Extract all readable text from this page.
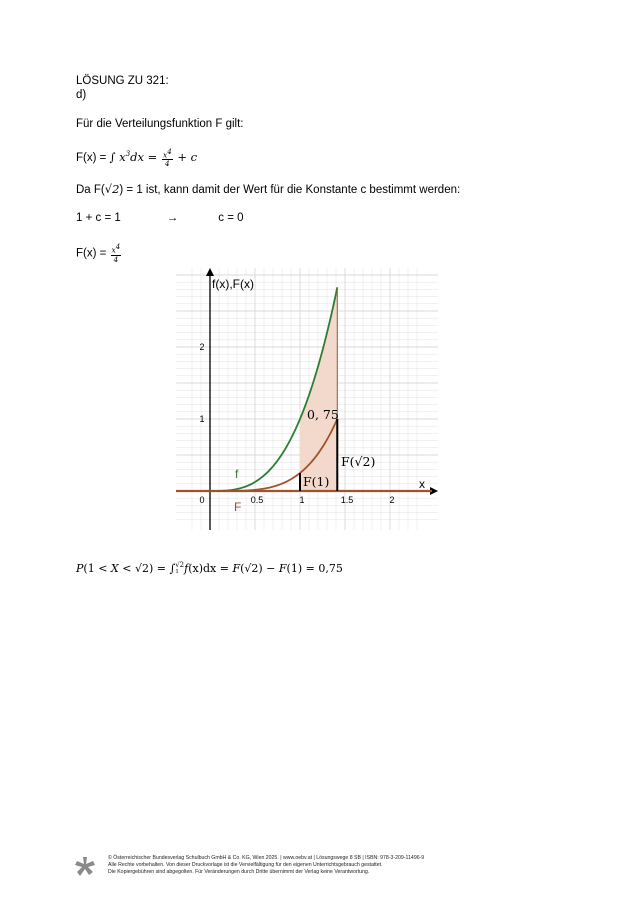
LÖSUNG ZU 321:
d)
Für die Verteilungsfunktion F gilt:
F(x) = ∫ $x^3dx = \frac{x^4}{4} + c$
Da F(√2) = 1 ist, kann damit der Wert für die Konstante c bestimmt werden:
1 + c = 1	→	c = 0
$F(x) = \frac{x^4}{4}$
0	0.5	1	1.5	2
1
2
f(x),F(x)
x
f
F
F(1)
F(√2)
0, 75
P(1 < X < √2) = ∫ √2
1 f(x)dx = F(√2) − F(1) = 0,75
© Österreichischer Bundesverlag Schulbuch GmbH & Co. KG, Wien 2025. | www.oebv.at | Lösungswege 8 SB | ISBN: 978-3-209-11496-9
Alle Rechte vorbehalten. Von dieser Druckvorlage ist die Vervielfältigung für den eigenen Unterrichtsgebrauch gestattet.
Die Kopiergebühren sind abgegolten. Für Veränderungen durch Dritte übernimmt der Verlag keine Verantwortung.
